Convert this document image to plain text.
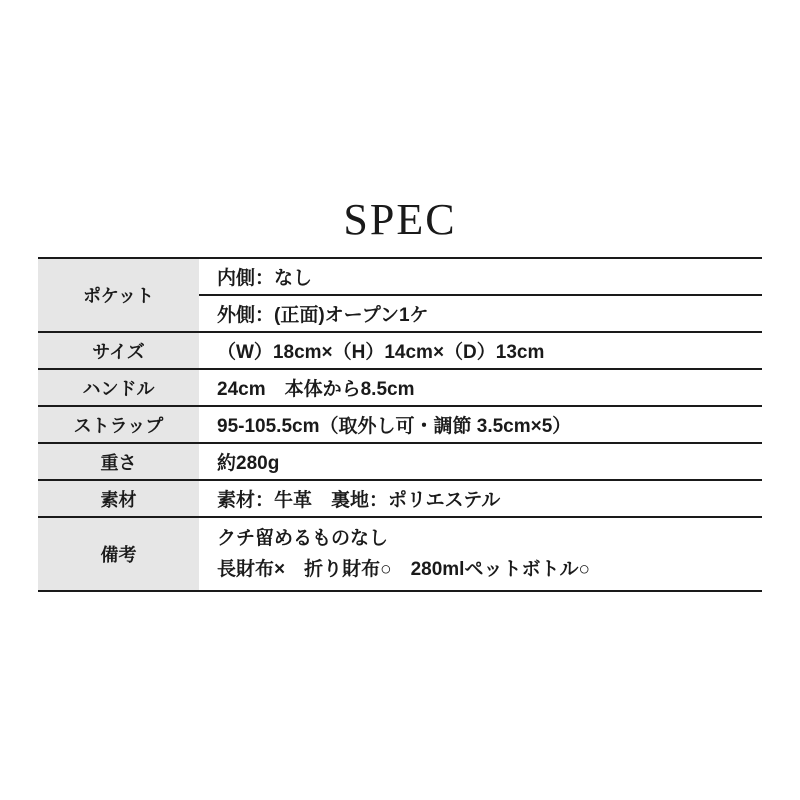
SPEC
ポケット	内側：なし
	外側：(正面)オープン1ケ
サイズ	（W）18cm×（H）14cm×（D）13cm
ハンドル	24cm　本体から8.5cm
ストラップ	95-105.5cm（取外し可・調節 3.5cm×5）
重さ	約280g
素材	素材：牛革　裏地：ポリエステル
備考	クチ留めるものなし
長財布×　折り財布○　280mlペットボトル○
